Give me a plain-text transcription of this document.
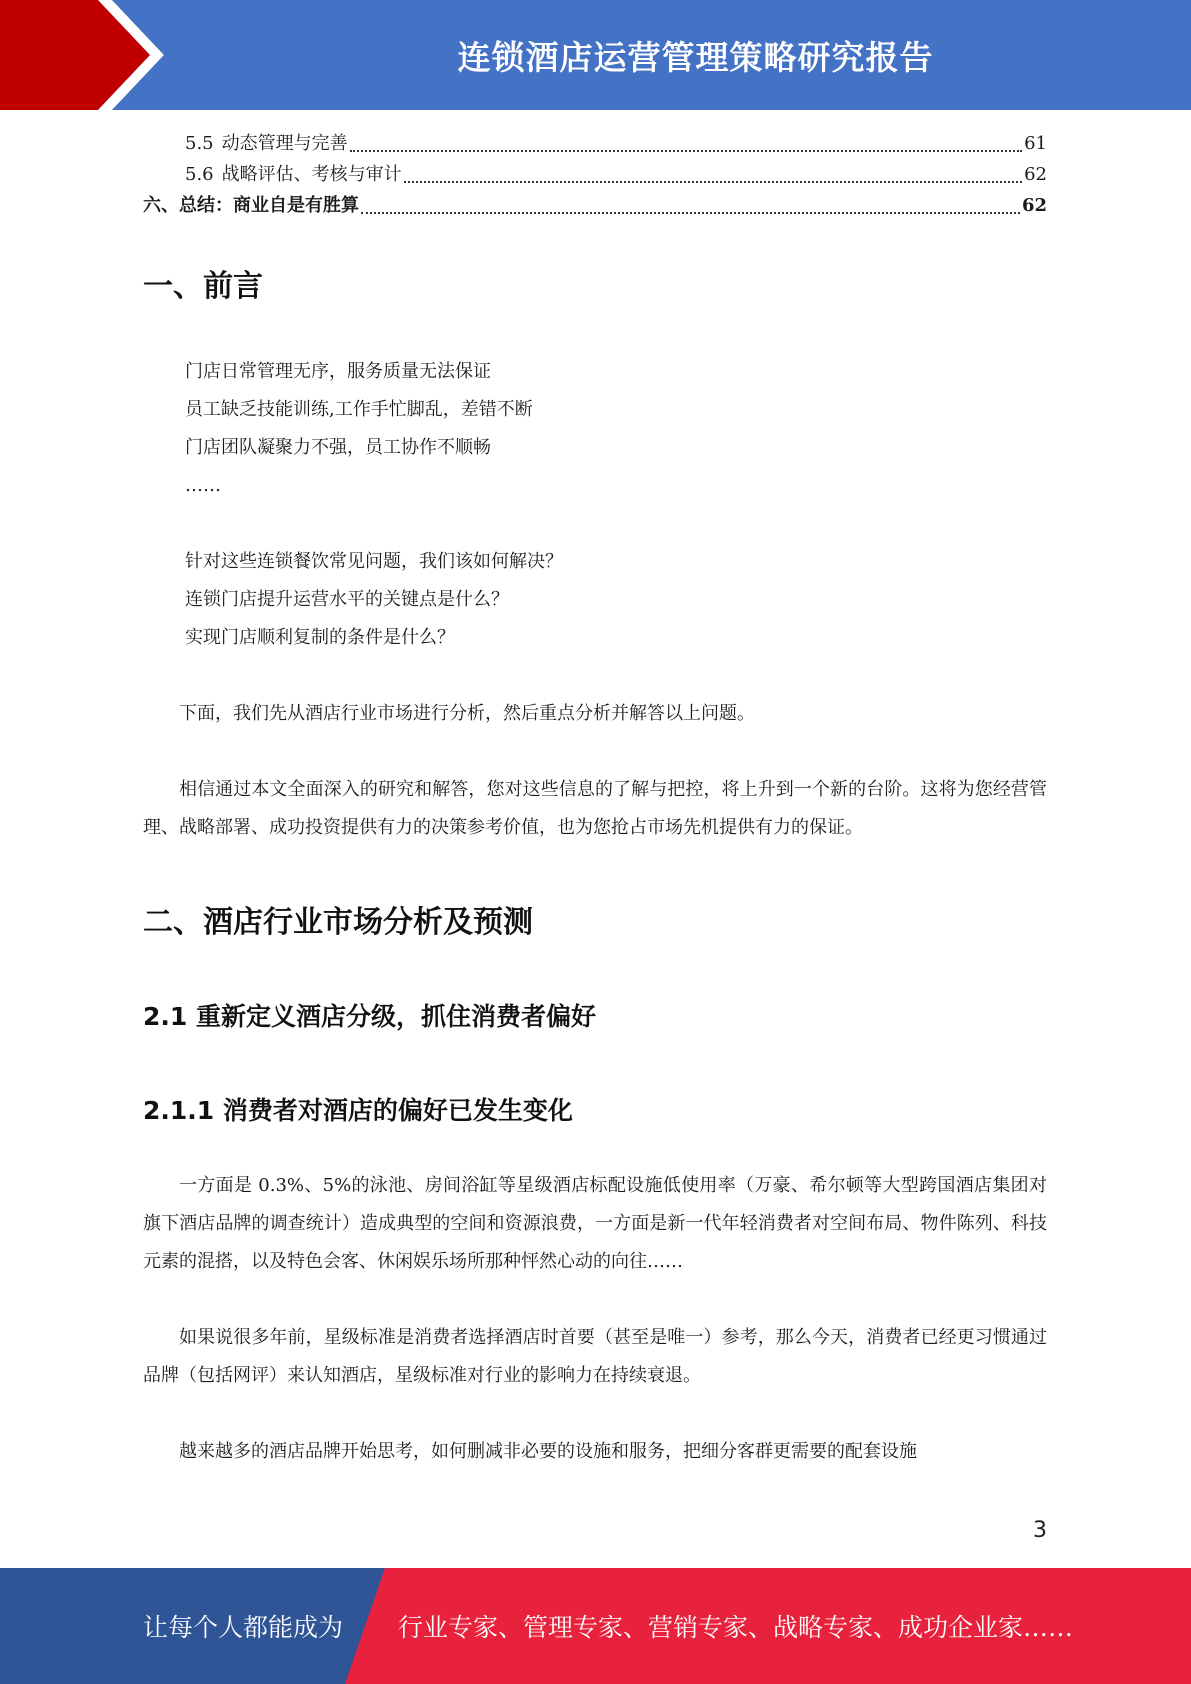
连锁酒店运营管理策略研究报告
5.5 动态管理与完善	61
5.6 战略评估、考核与审计	62
六、 总结：商业自是有胜算	62
一、前言
门店日常管理无序，服务质量无法保证
员工缺乏技能训练,工作手忙脚乱，差错不断
门店团队凝聚力不强，员工协作不顺畅
……
针对这些连锁餐饮常见问题，我们该如何解决？
连锁门店提升运营水平的关键点是什么？
实现门店顺利复制的条件是什么？

下面，我们先从酒店行业市场进行分析，然后重点分析并解答以上问题。

相信通过本文全面深入的研究和解答，您对这些信息的了解与把控，将上升到一个新的台阶。这将为您经营管理、战略部署、成功投资提供有力的决策参考价值，也为您抢占市场先机提供有力的保证。

二、酒店行业市场分析及预测
2.1 重新定义酒店分级，抓住消费者偏好
2.1.1 消费者对酒店的偏好已发生变化

一方面是 0.3%、5%的泳池、房间浴缸等星级酒店标配设施低使用率（万豪、希尔顿等大型跨国酒店集团对旗下酒店品牌的调查统计）造成典型的空间和资源浪费，一方面是新一代年轻消费者对空间布局、物件陈列、科技元素的混搭，以及特色会客、休闲娱乐场所那种怦然心动的向往……

如果说很多年前，星级标准是消费者选择酒店时首要（甚至是唯一）参考，那么今天，消费者已经更习惯通过品牌（包括网评）来认知酒店，星级标准对行业的影响力在持续衰退。

越来越多的酒店品牌开始思考，如何删减非必要的设施和服务，把细分客群更需要的配套设施

3
让每个人都能成为 行业专家、管理专家、营销专家、战略专家、成功企业家……
